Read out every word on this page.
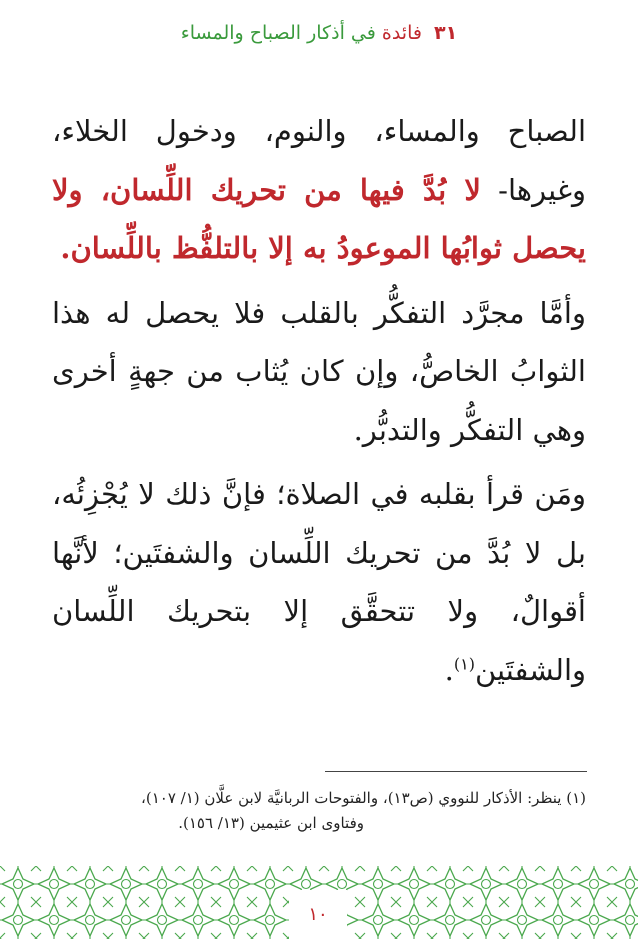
٣١ فائدة في أذكار الصباح والمساء

الصباح والمساء، والنوم، ودخول الخلاء، وغيرها- لا بُدَّ فيها من تحريك اللِّسان، ولا يحصل ثوابُها الموعودُ به إلا بالتلفُّظ باللِّسان.

وأمَّا مجرَّد التفكُّر بالقلب فلا يحصل له هذا الثوابُ الخاصُّ، وإن كان يُثاب من جهةٍ أخرى وهي التفكُّر والتدبُّر.

ومَن قرأ بقلبه في الصلاة؛ فإنَّ ذلك لا يُجْزِئُه، بل لا بُدَّ من تحريك اللِّسان والشفتَين؛ لأنَّها أقوالٌ، ولا تتحقَّق إلا بتحريك اللِّسان والشفتَين$^{(١)}$.

(١) ينظر: الأذكار للنووي (ص١٣)، والفتوحات الربانيَّة لابن علَّان (١/ ١٠٧)،
وفتاوى ابن عثيمين (١٣/ ١٥٦).
١٠
